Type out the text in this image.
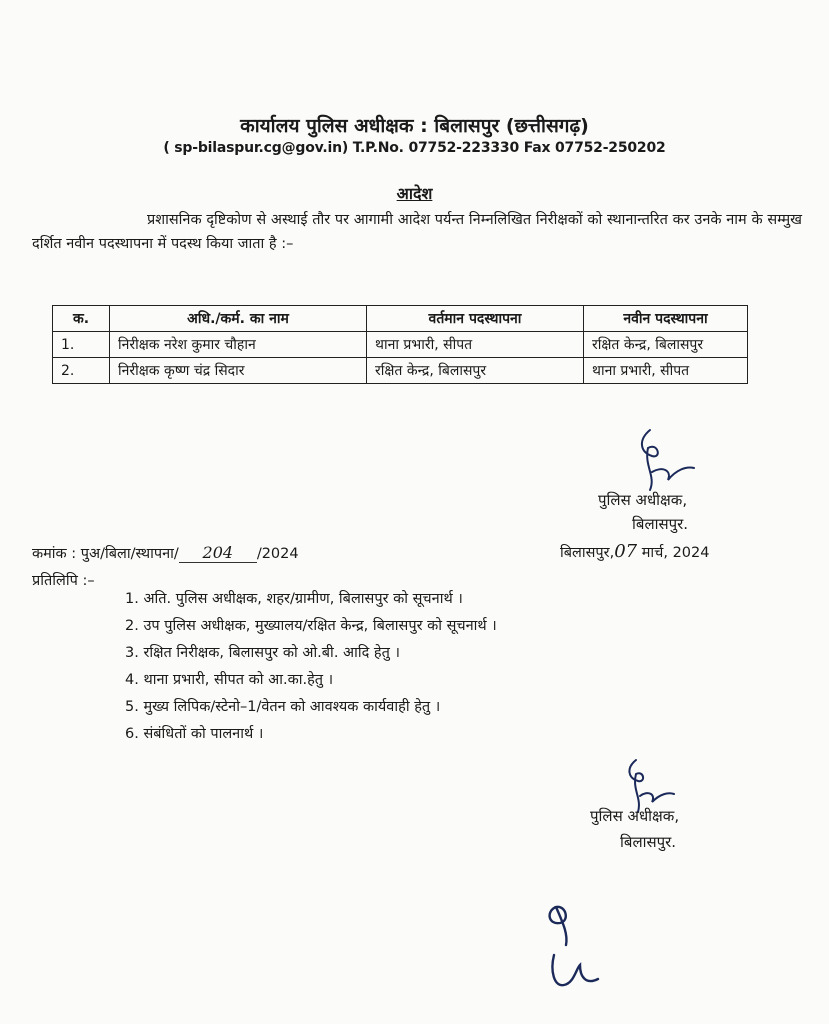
कार्यालय पुलिस अधीक्षक : बिलासपुर (छत्तीसगढ़)
( sp-bilaspur.cg@gov.in) T.P.No. 07752-223330 Fax 07752-250202
आदेश
प्रशासनिक दृष्टिकोण से अस्थाई तौर पर आगामी आदेश पर्यन्त निम्नलिखित निरीक्षकों को स्थानान्तरित कर उनके नाम के सम्मुख दर्शित नवीन पदस्थापना में पदस्थ किया जाता है :–
क.	अधि./कर्म. का नाम	वर्तमान पदस्थापना	नवीन पदस्थापना
1.	निरीक्षक नरेश कुमार चौहान	थाना प्रभारी, सीपत	रक्षित केन्द्र, बिलासपुर
2.	निरीक्षक कृष्ण चंद्र सिदार	रक्षित केन्द्र, बिलासपुर	थाना प्रभारी, सीपत
पुलिस अधीक्षक,
बिलासपुर.
कमांक : पुअ/बिला/स्थापना/ 204 /2024	बिलासपुर,07 मार्च, 2024
प्रतिलिपि :–
1. अति. पुलिस अधीक्षक, शहर/ग्रामीण, बिलासपुर को सूचनार्थ ।
2. उप पुलिस अधीक्षक, मुख्यालय/रक्षित केन्द्र, बिलासपुर को सूचनार्थ ।
3. रक्षित निरीक्षक, बिलासपुर को ओ.बी. आदि हेतु ।
4. थाना प्रभारी, सीपत को आ.का.हेतु ।
5. मुख्य लिपिक/स्टेनो–1/वेतन को आवश्यक कार्यवाही हेतु ।
6. संबंधितों को पालनार्थ ।
पुलिस अधीक्षक,
बिलासपुर.
